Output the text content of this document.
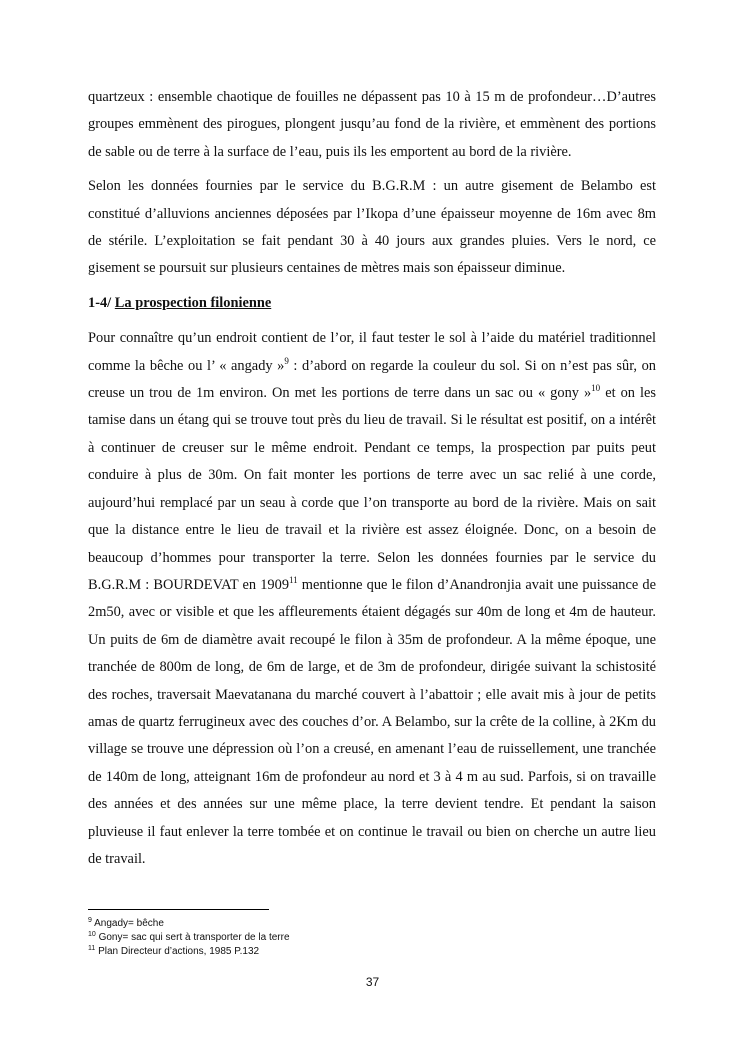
quartzeux : ensemble chaotique de fouilles ne dépassent pas 10 à 15 m de profondeur…D’autres groupes emmènent des pirogues, plongent jusqu’au fond de la rivière, et emmènent des portions de sable ou de terre à la surface de l’eau, puis ils les emportent au bord de la rivière.

Selon les données fournies par le service du B.G.R.M : un autre gisement de Belambo est constitué d’alluvions anciennes déposées par l’Ikopa d’une épaisseur moyenne de 16m avec 8m de stérile. L’exploitation se fait pendant 30 à 40 jours aux grandes pluies. Vers le nord, ce gisement se poursuit sur plusieurs centaines de mètres mais son épaisseur diminue.

1-4/ La prospection filonienne

Pour connaître qu’un endroit contient de l’or, il faut tester le sol à l’aide du matériel traditionnel comme la bêche ou l’ « angady »$^9$ : d’abord on regarde la couleur du sol. Si on n’est pas sûr, on creuse un trou de 1m environ. On met les portions de terre dans un sac ou « gony »$^{10}$ et on les tamise dans un étang qui se trouve tout près du lieu de travail. Si le résultat est positif, on a intérêt à continuer de creuser sur le même endroit. Pendant ce temps, la prospection par puits peut conduire à plus de 30m. On fait monter les portions de terre avec un sac relié à une corde, aujourd’hui remplacé par un seau à corde que l’on transporte au bord de la rivière. Mais on sait que la distance entre le lieu de travail et la rivière est assez éloignée. Donc, on a besoin de beaucoup d’hommes pour transporter la terre. Selon les données fournies par le service du B.G.R.M : BOURDEVAT en 1909$^{11}$ mentionne que le filon d’Anandronjia avait une puissance de 2m50, avec or visible et que les affleurements étaient dégagés sur 40m de long et 4m de hauteur. Un puits de 6m de diamètre avait recoupé le filon à 35m de profondeur. A la même époque, une tranchée de 800m de long, de 6m de large, et de 3m de profondeur, dirigée suivant la schistosité des roches, traversait Maevatanana du marché couvert à l’abattoir ; elle avait mis à jour de petits amas de quartz ferrugineux avec des couches d’or. A Belambo, sur la crête de la colline, à 2Km du village se trouve une dépression où l’on a creusé, en amenant l’eau de ruissellement, une tranchée de 140m de long, atteignant 16m de profondeur au nord et 3 à 4 m au sud. Parfois, si on travaille des années et des années sur une même place, la terre devient tendre. Et pendant la saison pluvieuse il faut enlever la terre tombée et on continue le travail ou bien on cherche un autre lieu de travail.

$^9$ Angady= bêche
$^{10}$ Gony= sac qui sert à transporter de la terre
$^{11}$ Plan Directeur d’actions, 1985 P.132
37
